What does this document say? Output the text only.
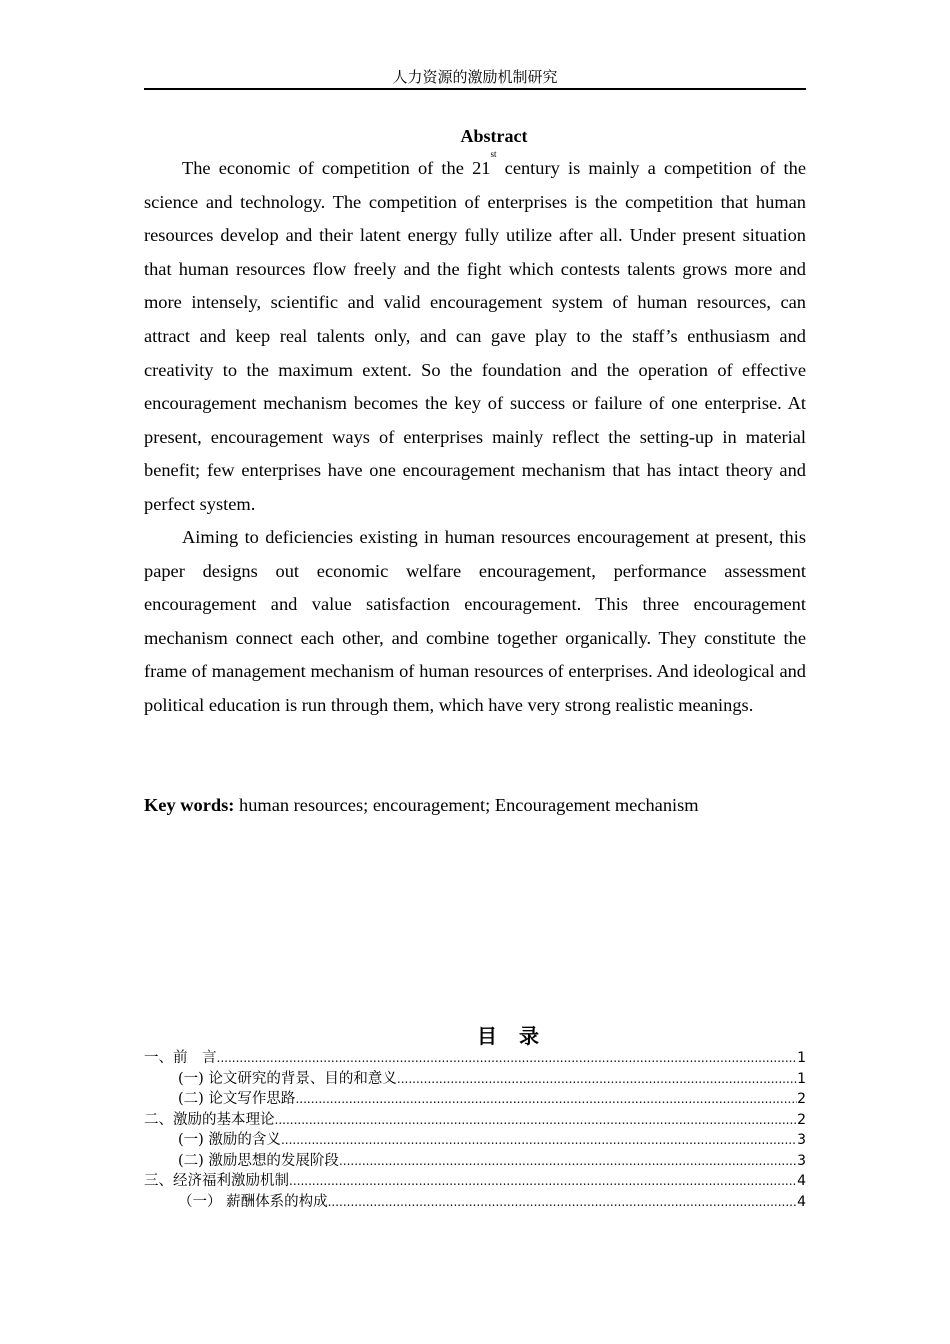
人力资源的激励机制研究
Abstract

The economic of competition of the 21st century is mainly a competition of the science and technology. The competition of enterprises is the competition that human resources develop and their latent energy fully utilize after all. Under present situation that human resources flow freely and the fight which contests talents grows more and more intensely, scientific and valid encouragement system of human resources, can attract and keep real talents only, and can gave play to the staff’s enthusiasm and creativity to the maximum extent. So the foundation and the operation of effective encouragement mechanism becomes the key of success or failure of one enterprise. At present, encouragement ways of enterprises mainly reflect the setting-up in material benefit; few enterprises have one encouragement mechanism that has intact theory and perfect system.

Aiming to deficiencies existing in human resources encouragement at present, this paper designs out economic welfare encouragement, performance assessment encouragement and value satisfaction encouragement. This three encouragement mechanism connect each other, and combine together organically. They constitute the frame of management mechanism of human resources of enterprises. And ideological and political education is run through them, which have very strong realistic meanings.

Key words: human resources; encouragement; Encouragement mechanism
目录
一、前　言 .....	1
(一) 论文研究的背景、目的和意义 .....	1
(二) 论文写作思路 .....	2
二、激励的基本理论 .....	2
(一) 激励的含义 .....	3
(二) 激励思想的发展阶段 .....	3
三、经济福利激励机制 .....	4
（一） 薪酬体系的构成 .....	4
